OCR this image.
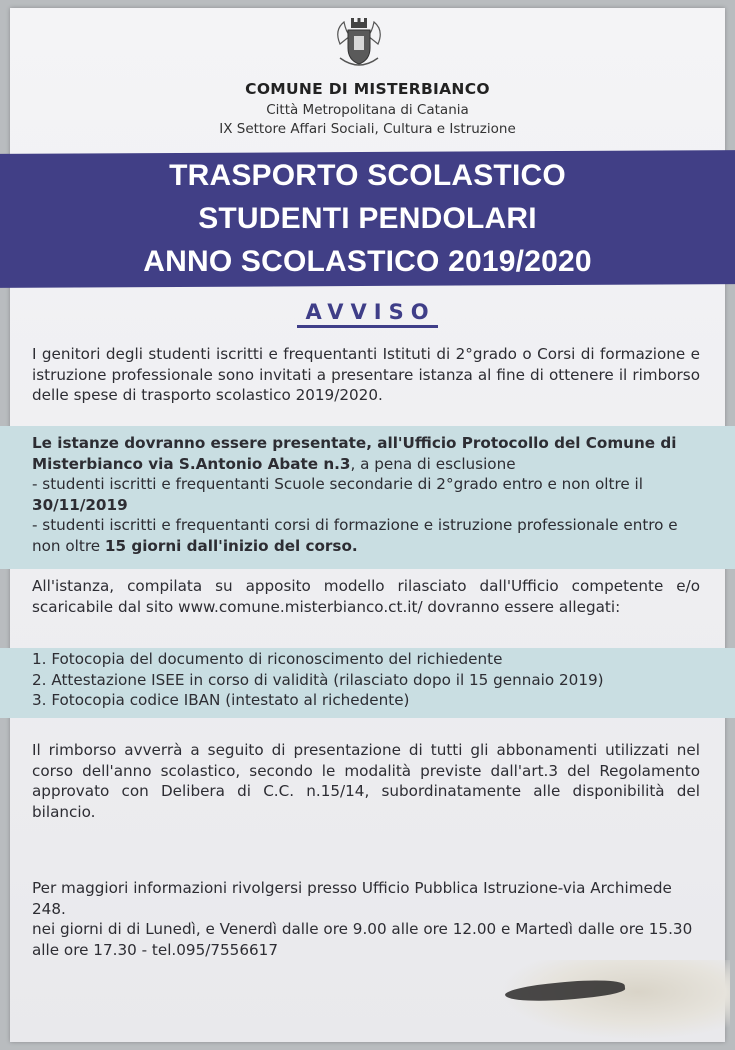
COMUNE DI MISTERBIANCO
Città Metropolitana di Catania
IX Settore Affari Sociali, Cultura e Istruzione
TRASPORTO SCOLASTICO
STUDENTI PENDOLARI
ANNO SCOLASTICO 2019/2020
AVVISO
I genitori degli studenti iscritti e frequentanti Istituti di 2°grado o Corsi di formazione e istruzione professionale sono invitati a presentare istanza al fine di ottenere il rimborso delle spese di trasporto scolastico 2019/2020.
Le istanze dovranno essere presentate, all'Ufficio Protocollo del Comune di Misterbianco via S.Antonio Abate n.3, a pena di esclusione
- studenti iscritti e frequentanti Scuole secondarie di 2°grado entro e non oltre il 30/11/2019
- studenti iscritti e frequentanti corsi di formazione e istruzione professionale entro e non oltre 15 giorni dall'inizio del corso.
All'istanza, compilata su apposito modello rilasciato dall'Ufficio competente e/o scaricabile dal sito www.comune.misterbianco.ct.it/ dovranno essere allegati:
1. Fotocopia del documento di riconoscimento del richiedente
2. Attestazione ISEE in corso di validità (rilasciato dopo il 15 gennaio 2019)
3. Fotocopia codice IBAN (intestato al richedente)
Il rimborso avverrà a seguito di presentazione di tutti gli abbonamenti utilizzati nel corso dell'anno scolastico, secondo le modalità previste dall'art.3 del Regolamento approvato con Delibera di C.C. n.15/14, subordinatamente alle disponibilità del bilancio.
Per maggiori informazioni rivolgersi presso Ufficio Pubblica Istruzione-via Archimede 248.
nei giorni di di Lunedì, e Venerdì dalle ore 9.00 alle ore 12.00 e Martedì dalle ore 15.30 alle ore 17.30 - tel.095/7556617
